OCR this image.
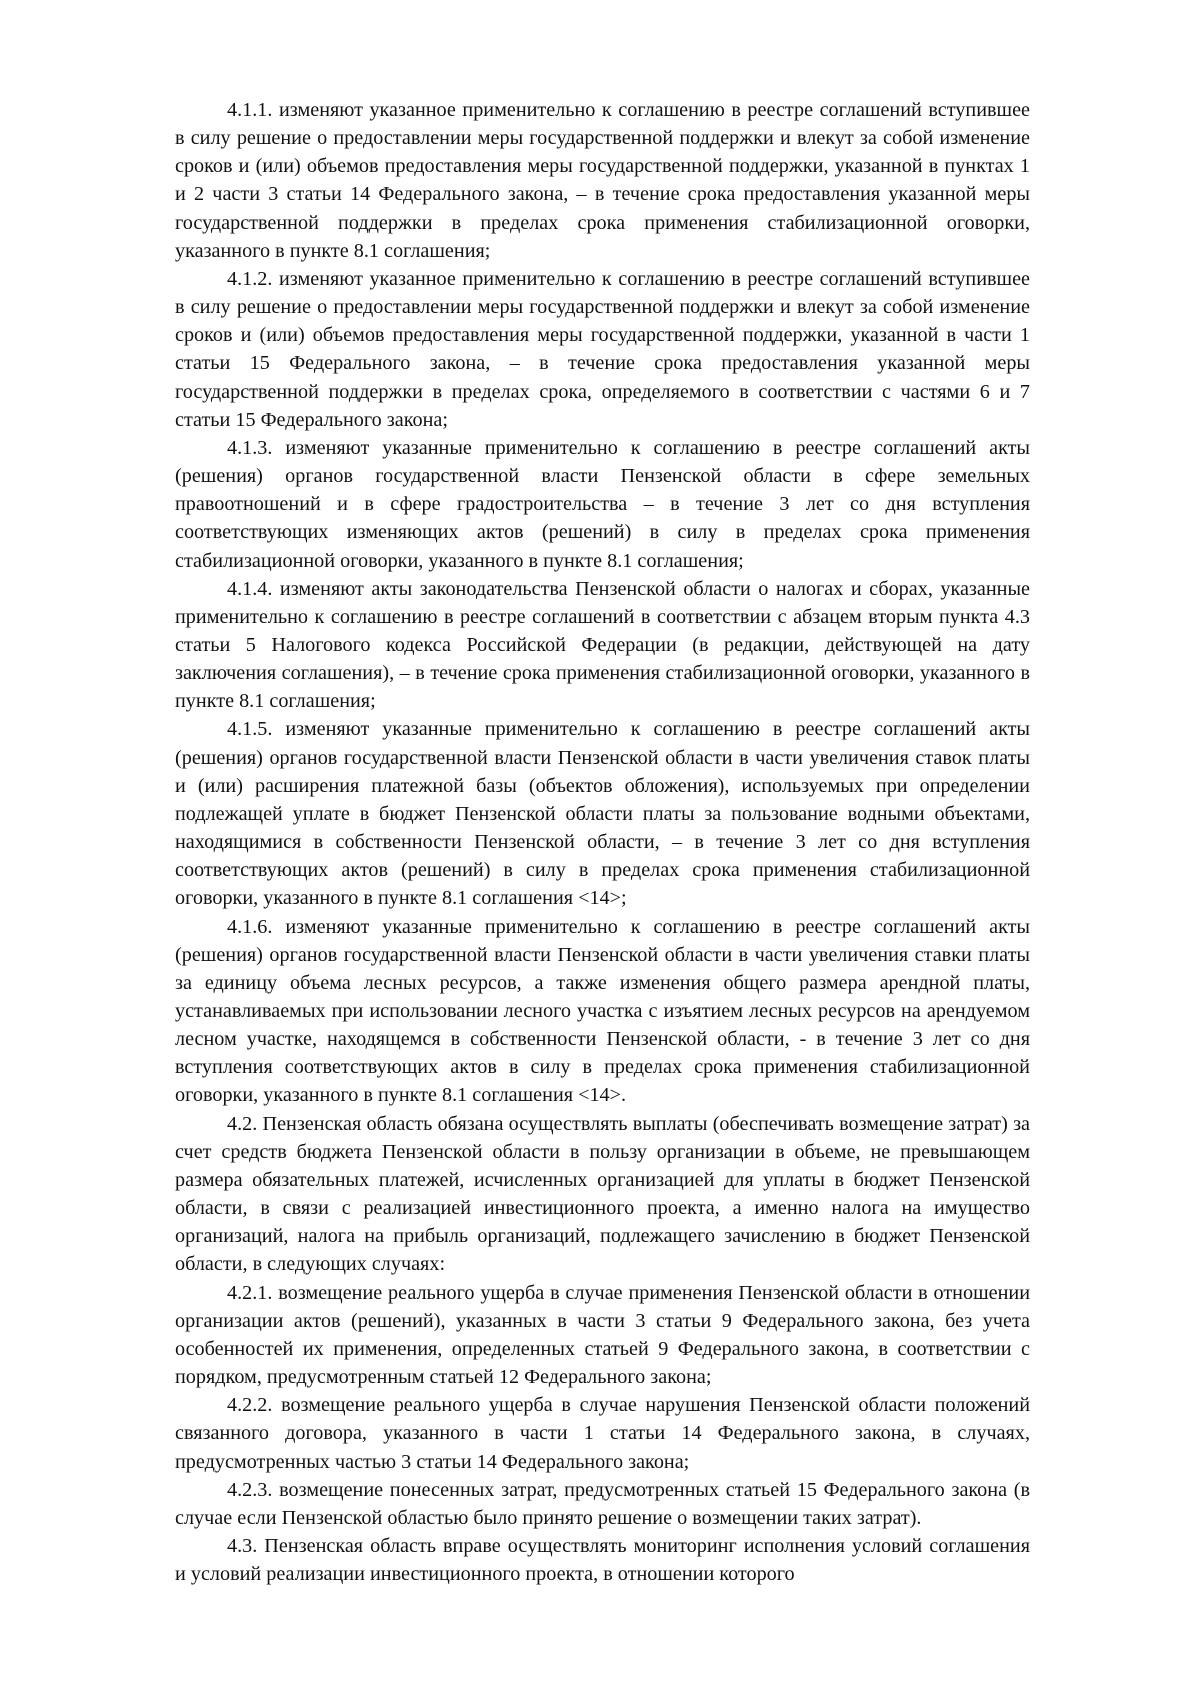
4.1.1. изменяют указанное применительно к соглашению в реестре соглашений вступившее в силу решение о предоставлении меры государственной поддержки и влекут за собой изменение сроков и (или) объемов предоставления меры государственной поддержки, указанной в пунктах 1 и 2 части 3 статьи 14 Федерального закона, – в течение срока предоставления указанной меры государственной поддержки в пределах срока применения стабилизационной оговорки, указанного в пункте 8.1 соглашения;

4.1.2. изменяют указанное применительно к соглашению в реестре соглашений вступившее в силу решение о предоставлении меры государственной поддержки и влекут за собой изменение сроков и (или) объемов предоставления меры государственной поддержки, указанной в части 1 статьи 15 Федерального закона, – в течение срока предоставления указанной меры государственной поддержки в пределах срока, определяемого в соответствии с частями 6 и 7 статьи 15 Федерального закона;

4.1.3. изменяют указанные применительно к соглашению в реестре соглашений акты (решения) органов государственной власти Пензенской области в сфере земельных правоотношений и в сфере градостроительства – в течение 3 лет со дня вступления соответствующих изменяющих актов (решений) в силу в пределах срока применения стабилизационной оговорки, указанного в пункте 8.1 соглашения;

4.1.4. изменяют акты законодательства Пензенской области о налогах и сборах, указанные применительно к соглашению в реестре соглашений в соответствии с абзацем вторым пункта 4.3 статьи 5 Налогового кодекса Российской Федерации (в редакции, действующей на дату заключения соглашения), – в течение срока применения стабилизационной оговорки, указанного в пункте 8.1 соглашения;

4.1.5. изменяют указанные применительно к соглашению в реестре соглашений акты (решения) органов государственной власти Пензенской области в части увеличения ставок платы и (или) расширения платежной базы (объектов обложения), используемых при определении подлежащей уплате в бюджет Пензенской области платы за пользование водными объектами, находящимися в собственности Пензенской области, – в течение 3 лет со дня вступления соответствующих актов (решений) в силу в пределах срока применения стабилизационной оговорки, указанного в пункте 8.1 соглашения <14>;

4.1.6. изменяют указанные применительно к соглашению в реестре соглашений акты (решения) органов государственной власти Пензенской области в части увеличения ставки платы за единицу объема лесных ресурсов, а также изменения общего размера арендной платы, устанавливаемых при использовании лесного участка с изъятием лесных ресурсов на арендуемом лесном участке, находящемся в собственности Пензенской области, - в течение 3 лет со дня вступления соответствующих актов в силу в пределах срока применения стабилизационной оговорки, указанного в пункте 8.1 соглашения <14>.

4.2. Пензенская область обязана осуществлять выплаты (обеспечивать возмещение затрат) за счет средств бюджета Пензенской области в пользу организации в объеме, не превышающем размера обязательных платежей, исчисленных организацией для уплаты в бюджет Пензенской области, в связи с реализацией инвестиционного проекта, а именно налога на имущество организаций, налога на прибыль организаций, подлежащего зачислению в бюджет Пензенской области, в следующих случаях:

4.2.1. возмещение реального ущерба в случае применения Пензенской области в отношении организации актов (решений), указанных в части 3 статьи 9 Федерального закона, без учета особенностей их применения, определенных статьей 9 Федерального закона, в соответствии с порядком, предусмотренным статьей 12 Федерального закона;

4.2.2. возмещение реального ущерба в случае нарушения Пензенской области положений связанного договора, указанного в части 1 статьи 14 Федерального закона, в случаях, предусмотренных частью 3 статьи 14 Федерального закона;

4.2.3. возмещение понесенных затрат, предусмотренных статьей 15 Федерального закона (в случае если Пензенской областью было принято решение о возмещении таких затрат).

4.3. Пензенская область вправе осуществлять мониторинг исполнения условий соглашения и условий реализации инвестиционного проекта, в отношении которого
